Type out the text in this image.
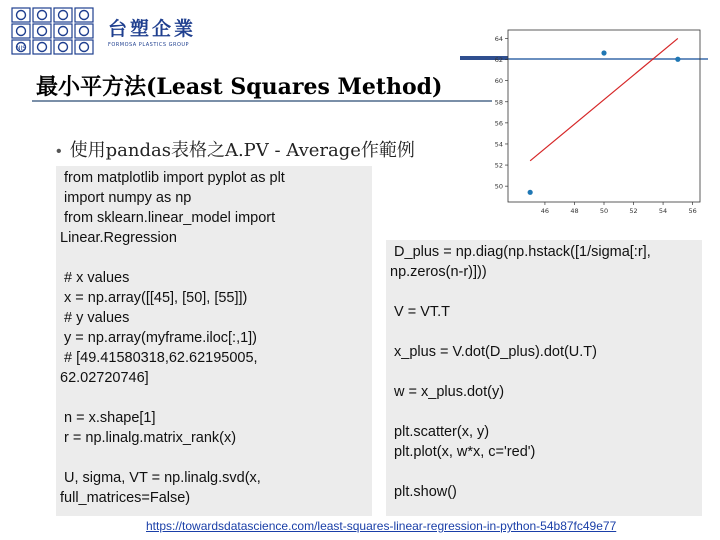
NIS
台塑企業
FORMOSA PLASTICS GROUP
最小平方法(Least Squares Method)
• 使用pandas表格之A.PV - Average作範例
from matplotlib import pyplot as plt
import numpy as np
from sklearn.linear_model import
Linear.Regression
# x values
x = np.array([[45], [50], [55]])
# y values
y = np.array(myframe.iloc[:,1])
# [49.41580318,62.62195005,
62.02720746]
n = x.shape[1]
r = np.linalg.matrix_rank(x)
U, sigma, VT = np.linalg.svd(x,
full_matrices=False)
D_plus = np.diag(np.hstack([1/sigma[:r],
np.zeros(n-r)]))
V = VT.T
x_plus = V.dot(D_plus).dot(U.T)
w = x_plus.dot(y)
plt.scatter(x, y)
plt.plot(x, w*x, c='red')
plt.show()
50
52
54
56
58
60
62
64
46	48	50	52	54	56
https://towardsdatascience.com/least-squares-linear-regression-in-python-54b87fc49e77
